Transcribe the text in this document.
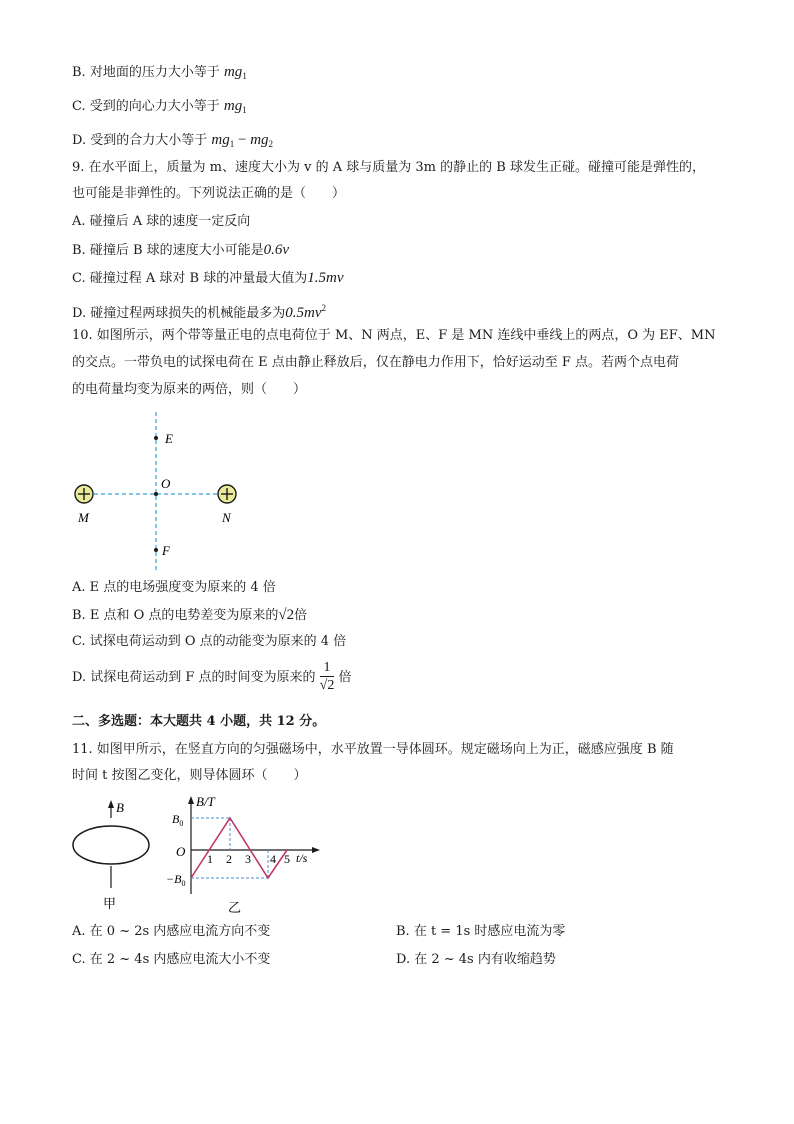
B. 对地面的压力大小等于 $mg_1$
C. 受到的向心力大小等于 $mg_1$
D. 受到的合力大小等于 $mg_1 - mg_2$
9. 在水平面上，质量为 m、速度大小为 v 的 A 球与质量为 3m 的静止的 B 球发生正碰。碰撞可能是弹性的，
也可能是非弹性的。下列说法正确的是（　　）
A. 碰撞后 A 球的速度一定反向
B. 碰撞后 B 球的速度大小可能是0.6v
C. 碰撞过程 A 球对 B 球的冲量最大值为1.5mv
D. 碰撞过程两球损失的机械能最多为$0.5mv^2$
10. 如图所示，两个带等量正电的点电荷位于 M、N 两点，E、F 是 MN 连线中垂线上的两点，O 为 EF、MN
的交点。一带负电的试探电荷在 E 点由静止释放后，仅在静电力作用下，恰好运动至 F 点。若两个点电荷
的电荷量均变为原来的两倍，则（　　）
E
O
F
M	N
A. E 点的电场强度变为原来的 4 倍
B. E 点和 O 点的电势差变为原来的√2倍
C. 试探电荷运动到 O 点的动能变为原来的 4 倍
D. 试探电荷运动到 F 点的时间变为原来的 $\frac{1}{√2}$ 倍
二、多选题：本大题共 4 小题，共 12 分。
11. 如图甲所示，在竖直方向的匀强磁场中，水平放置一导体圆环。规定磁场向上为正，磁感应强度 B 随
时间 t 按图乙变化，则导体圆环（　　）
B
甲
B/T
t/s
O
$B_0$
$-B_0$
1 2 3 4 5
乙
A. 在 0 ~ 2s 内感应电流方向不变	B. 在 t = 1s 时感应电流为零
C. 在 2 ~ 4s 内感应电流大小不变	D. 在 2 ~ 4s 内有收缩趋势
